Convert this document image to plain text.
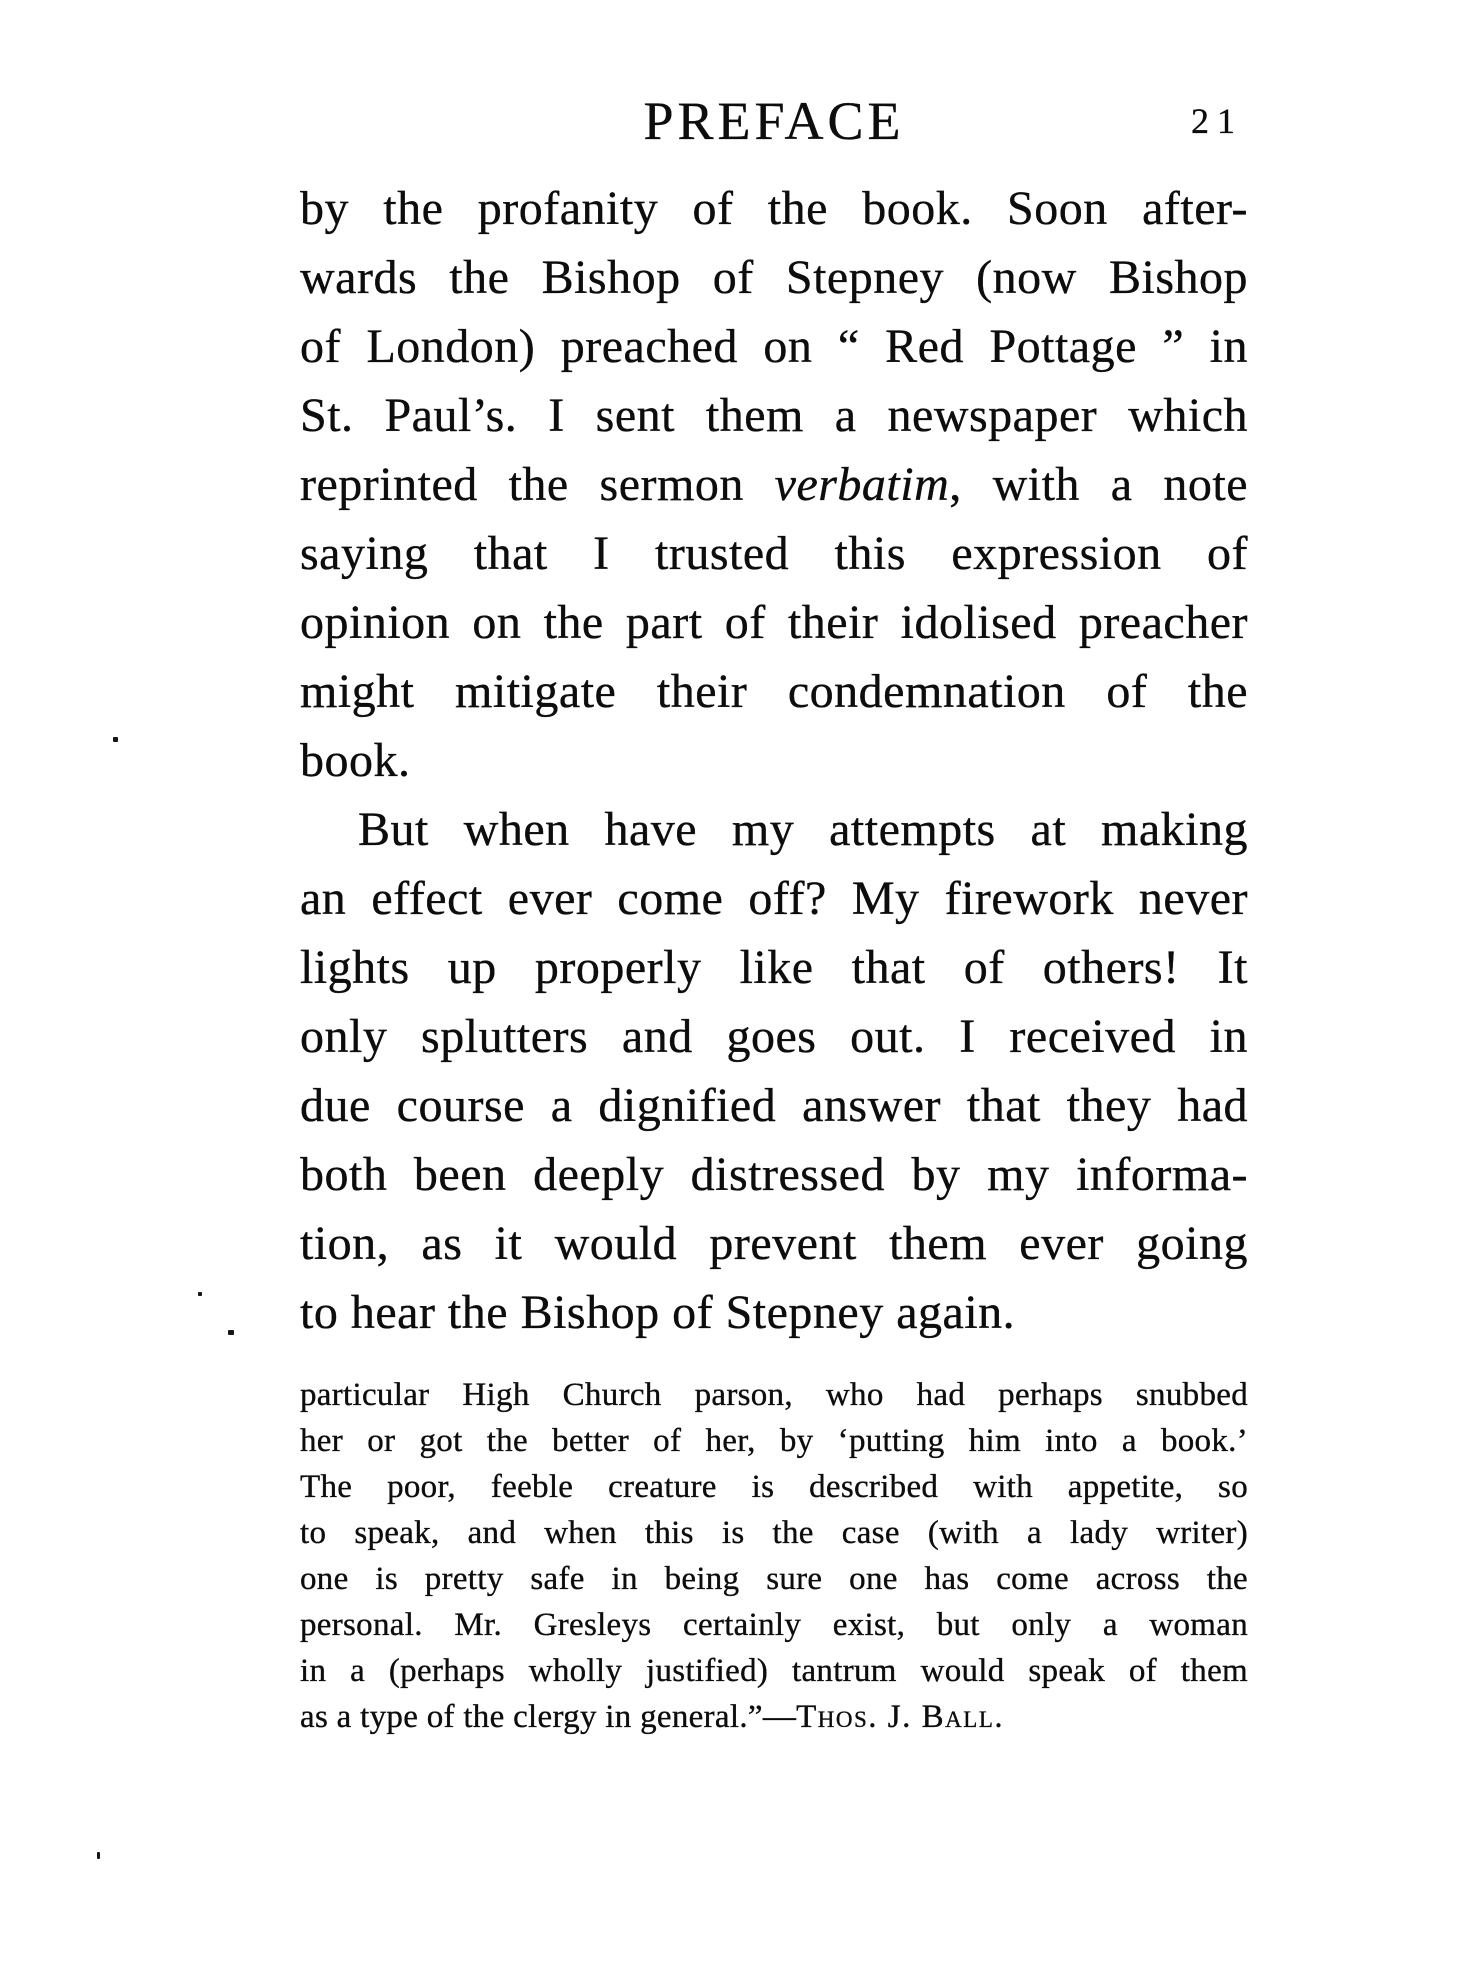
PREFACE	21
by the profanity of the book. Soon after-
wards the Bishop of Stepney (now Bishop
of London) preached on “ Red Pottage ” in
St. Paul’s. I sent them a newspaper which
reprinted the sermon verbatim, with a note
saying that I trusted this expression of
opinion on the part of their idolised preacher
might mitigate their condemnation of the
book.
But when have my attempts at making
an effect ever come off? My firework never
lights up properly like that of others! It
only splutters and goes out. I received in
due course a dignified answer that they had
both been deeply distressed by my informa-
tion, as it would prevent them ever going
to hear the Bishop of Stepney again.
particular High Church parson, who had perhaps snubbed
her or got the better of her, by ‘putting him into a book.’
The poor, feeble creature is described with appetite, so
to speak, and when this is the case (with a lady writer)
one is pretty safe in being sure one has come across the
personal. Mr. Gresleys certainly exist, but only a woman
in a (perhaps wholly justified) tantrum would speak of them
as a type of the clergy in general.”—Thos. J. Ball.
